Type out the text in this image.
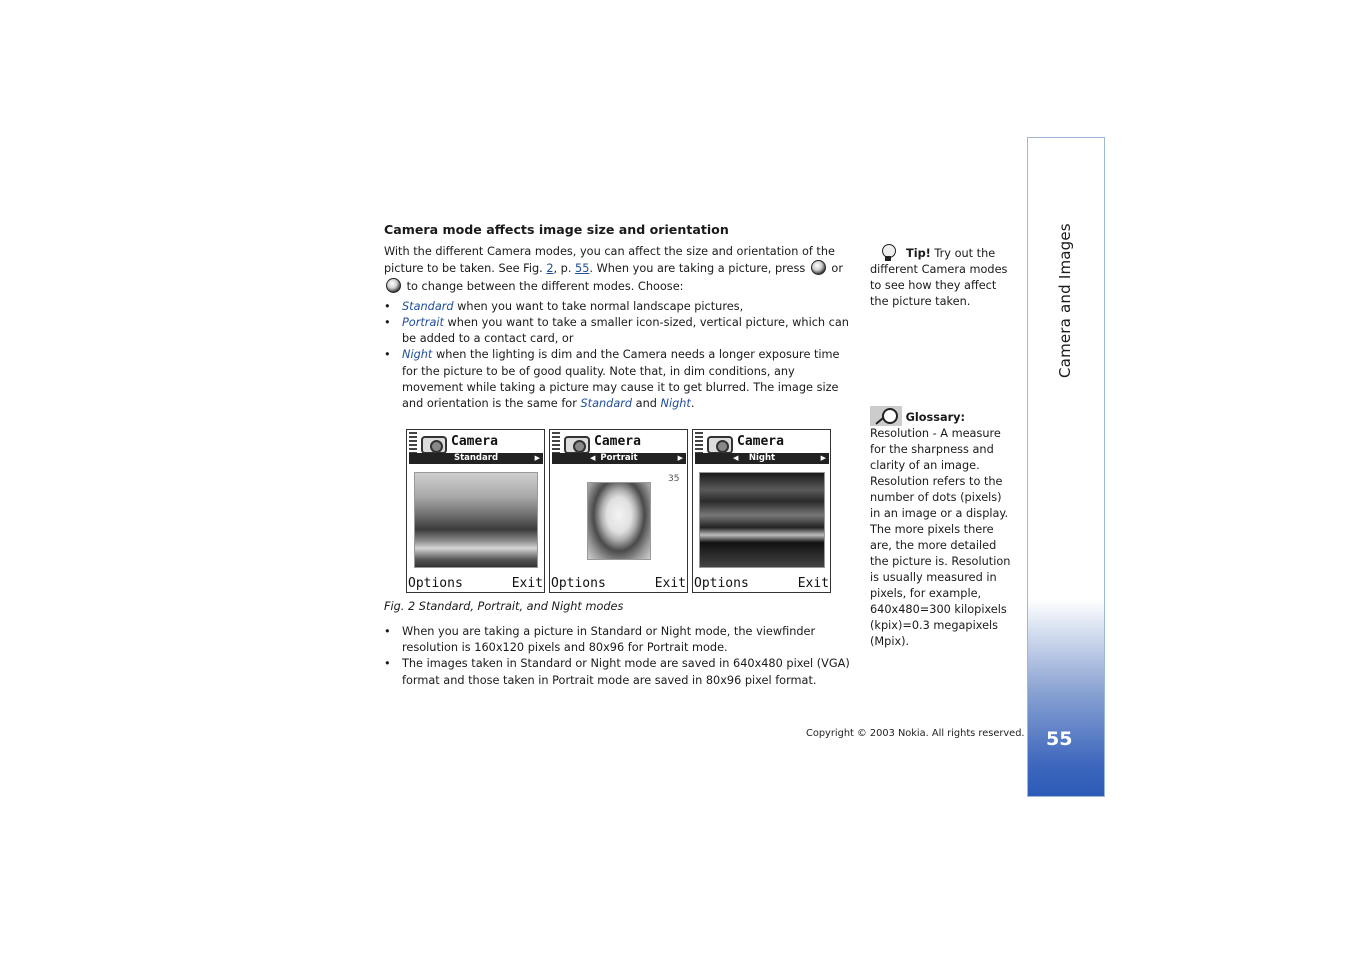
Camera mode affects image size and orientation
With the different Camera modes, you can affect the size and orientation of the picture to be taken. See Fig. 2, p. 55. When you are taking a picture, press  or  to change between the different modes. Choose:
• Standard when you want to take normal landscape pictures,
• Portrait when you want to take a smaller icon-sized, vertical picture, which can be added to a contact card, or
• Night when the lighting is dim and the Camera needs a longer exposure time for the picture to be of good quality. Note that, in dim conditions, any movement while taking a picture may cause it to get blurred. The image size and orientation is the same for Standard and Night.
Camera
Standard	▶
Options	Exit
Camera
◀ Portrait	▶
35
Options	Exit
Camera
◀ Night	▶
Options	Exit
Fig. 2 Standard, Portrait, and Night modes
• When you are taking a picture in Standard or Night mode, the viewfinder resolution is 160x120 pixels and 80x96 for Portrait mode.
• The images taken in Standard or Night mode are saved in 640x480 pixel (VGA) format and those taken in Portrait mode are saved in 80x96 pixel format.
Tip! Try out the different Camera modes to see how they affect the picture taken.
Glossary:
Resolution - A measure for the sharpness and clarity of an image. Resolution refers to the number of dots (pixels) in an image or a display. The more pixels there are, the more detailed the picture is. Resolution is usually measured in pixels, for example, 640x480=300 kilopixels (kpix)=0.3 megapixels (Mpix).
Camera and Images
55
Copyright © 2003 Nokia. All rights reserved.
